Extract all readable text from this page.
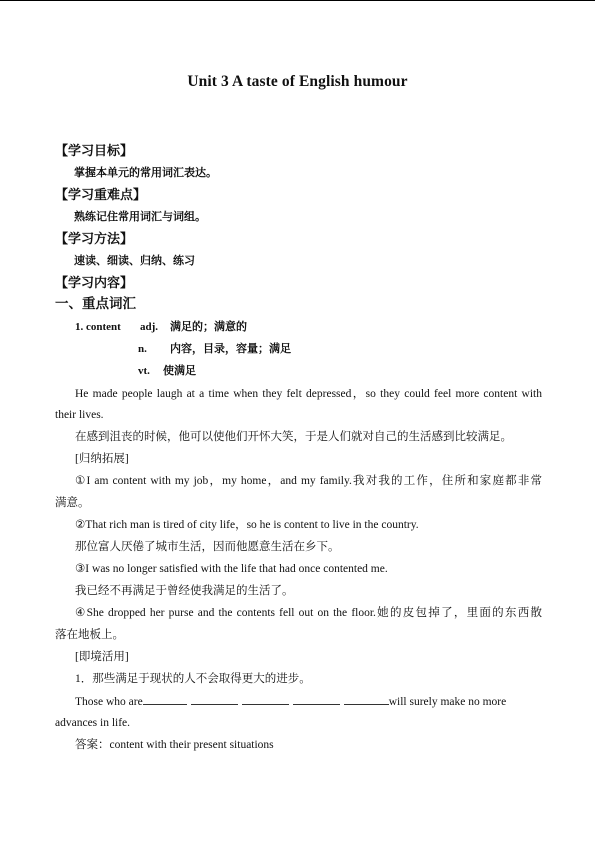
Unit 3 A taste of English humour
【学习目标】
掌握本单元的常用词汇表达。
【学习重难点】
熟练记住常用词汇与词组。
【学习方法】
速读、细读、归纳、练习
【学习内容】
一、重点词汇
1. content adj. 满足的；满意的
n. 内容，目录，容量；满足
vt. 使满足
He made people laugh at a time when they felt depressed，so they could feel more content with
their lives.
在感到沮丧的时候，他可以使他们开怀大笑，于是人们就对自己的生活感到比较满足。
[归纳拓展]
①I am content with my job，my home，and my family.我对我的工作，住所和家庭都非常
满意。
②That rich man is tired of city life，so he is content to live in the country.
那位富人厌倦了城市生活，因而他愿意生活在乡下。
③I was no longer satisfied with the life that had once contented me.
我已经不再满足于曾经使我满足的生活了。
④She dropped her purse and the contents fell out on the floor.她的皮包掉了，里面的东西散
落在地板上。
[即境活用]
1．那些满足于现状的人不会取得更大的进步。
Those who are	will surely make no more
advances in life.
答案：content with their present situations
